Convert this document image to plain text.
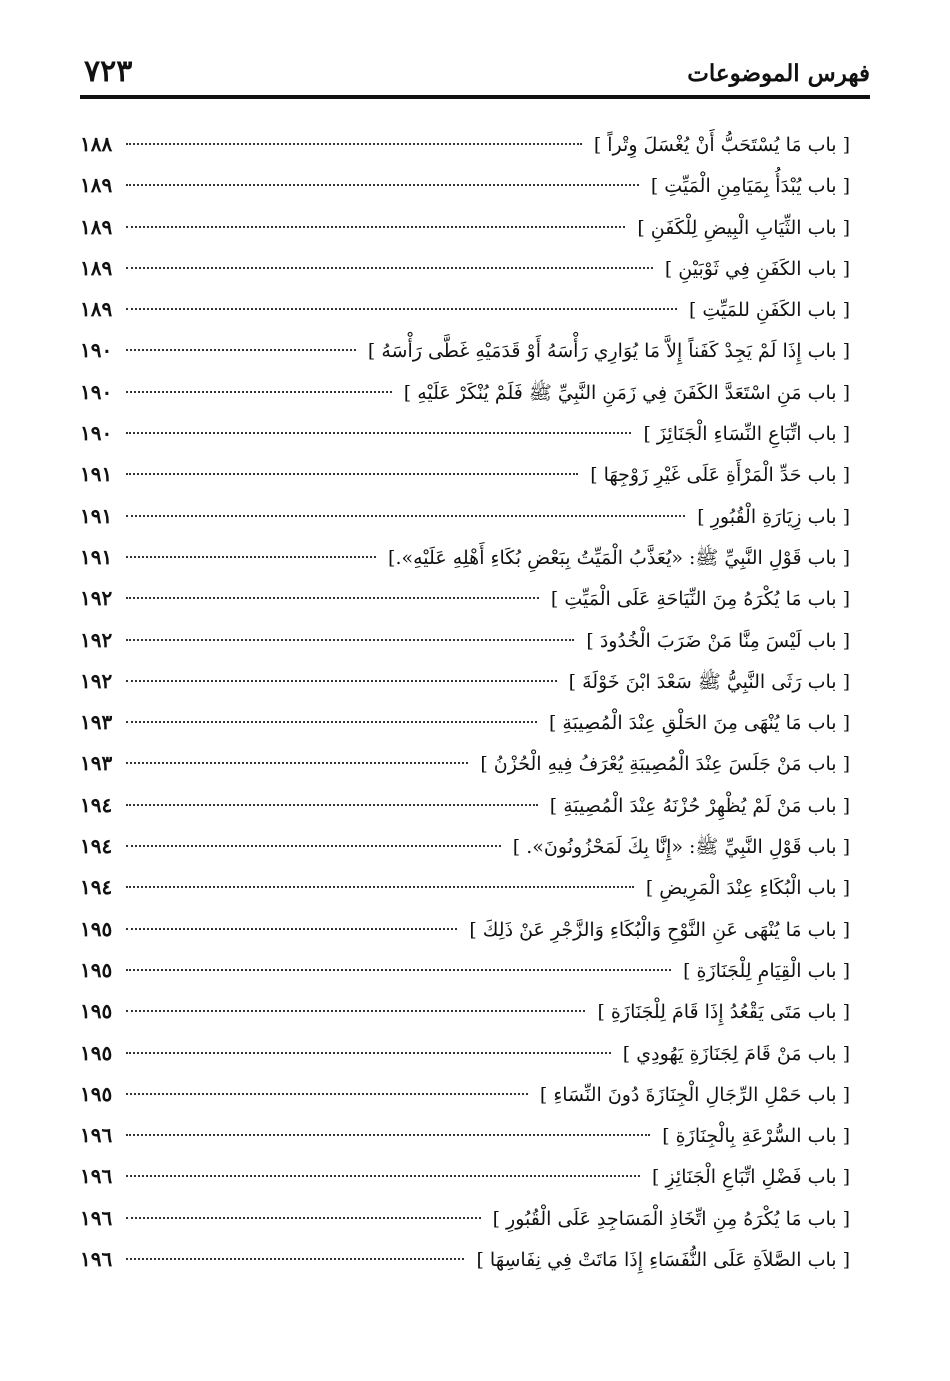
فهرس الموضوعات
٧٢٣
[ باب مَا يُسْتَحَبُّ أَنْ يُغْسَلَ وِتْراً ]
١٨٨
[ باب يُبْدَأُ بِمَيَامِنِ الْمَيِّتِ ]
١٨٩
[ باب الثِّيَابِ الْبِيضِ لِلْكَفَنِ ]
١٨٩
[ باب الكَفَنِ فِي ثَوْبَيْنِ ]
١٨٩
[ باب الكَفَنِ للمَيِّتِ ]
١٨٩
[ باب إِذَا لَمْ يَجِدْ كَفَناً إِلاَّ مَا يُوَارِي رَأْسَهُ أَوْ قَدَمَيْهِ غَطَّى رَأْسَهُ ]
١٩٠
[ باب مَنِ اسْتَعَدَّ الكَفَنَ فِي زَمَنِ النَّبِيِّ ﷺ فَلَمْ يُنْكَرْ عَلَيْهِ ]
١٩٠
[ باب اتِّبَاعِ النِّسَاءِ الْجَنَائِزَ ]
١٩٠
[ باب حَدِّ الْمَرْأَةِ عَلَى غَيْرِ زَوْجِهَا ]
١٩١
[ باب زِيَارَةِ الْقُبُورِ ]
١٩١
[ باب قَوْلِ النَّبِيِّ ﷺ: «يُعَذَّبُ الْمَيِّتُ بِبَعْضِ بُكَاءِ أَهْلِهِ عَلَيْهِ».]
١٩١
[ باب مَا يُكْرَهُ مِنَ النِّيَاحَةِ عَلَى الْمَيِّتِ ]
١٩٢
[ باب لَيْسَ مِنَّا مَنْ ضَرَبَ الْخُدُودَ ]
١٩٢
[ باب رَثَى النَّبِيُّ ﷺ سَعْدَ ابْنَ خَوْلَةَ ]
١٩٢
[ باب مَا يُنْهَى مِنَ الحَلْقِ عِنْدَ الْمُصِيبَةِ ]
١٩٣
[ باب مَنْ جَلَسَ عِنْدَ الْمُصِيبَةِ يُعْرَفُ فِيهِ الْحُزْنُ ]
١٩٣
[ باب مَنْ لَمْ يُظْهِرْ حُزْنَهُ عِنْدَ الْمُصِيبَةِ ]
١٩٤
[ باب قَوْلِ النَّبِيِّ ﷺ: «إِنَّا بِكَ لَمَحْزُونُونَ». ]
١٩٤
[ باب الْبُكَاءِ عِنْدَ الْمَرِيضِ ]
١٩٤
[ باب مَا يُنْهَى عَنِ النَّوْحِ وَالْبُكَاءِ وَالزَّجْرِ عَنْ ذَلِكَ ]
١٩٥
[ باب الْقِيَامِ لِلْجَنَازَةِ ]
١٩٥
[ باب مَتَى يَقْعُدُ إِذَا قَامَ لِلْجَنَازَةِ ]
١٩٥
[ باب مَنْ قَامَ لِجَنَازَةِ يَهُودِي ]
١٩٥
[ باب حَمْلِ الرِّجَالِ الْجِنَازَةَ دُونَ النِّسَاءِ ]
١٩٥
[ باب السُّرْعَةِ بِالْجِنَازَةِ ]
١٩٦
[ باب فَضْلِ اتِّبَاعِ الْجَنَائِزِ ]
١٩٦
[ باب مَا يُكْرَهُ مِنِ اتِّخَاذِ الْمَسَاجِدِ عَلَى الْقُبُورِ ]
١٩٦
[ باب الصَّلاَةِ عَلَى النُّفَسَاءِ إِذَا مَاتَتْ فِي نِفَاسِهَا ]
١٩٦
